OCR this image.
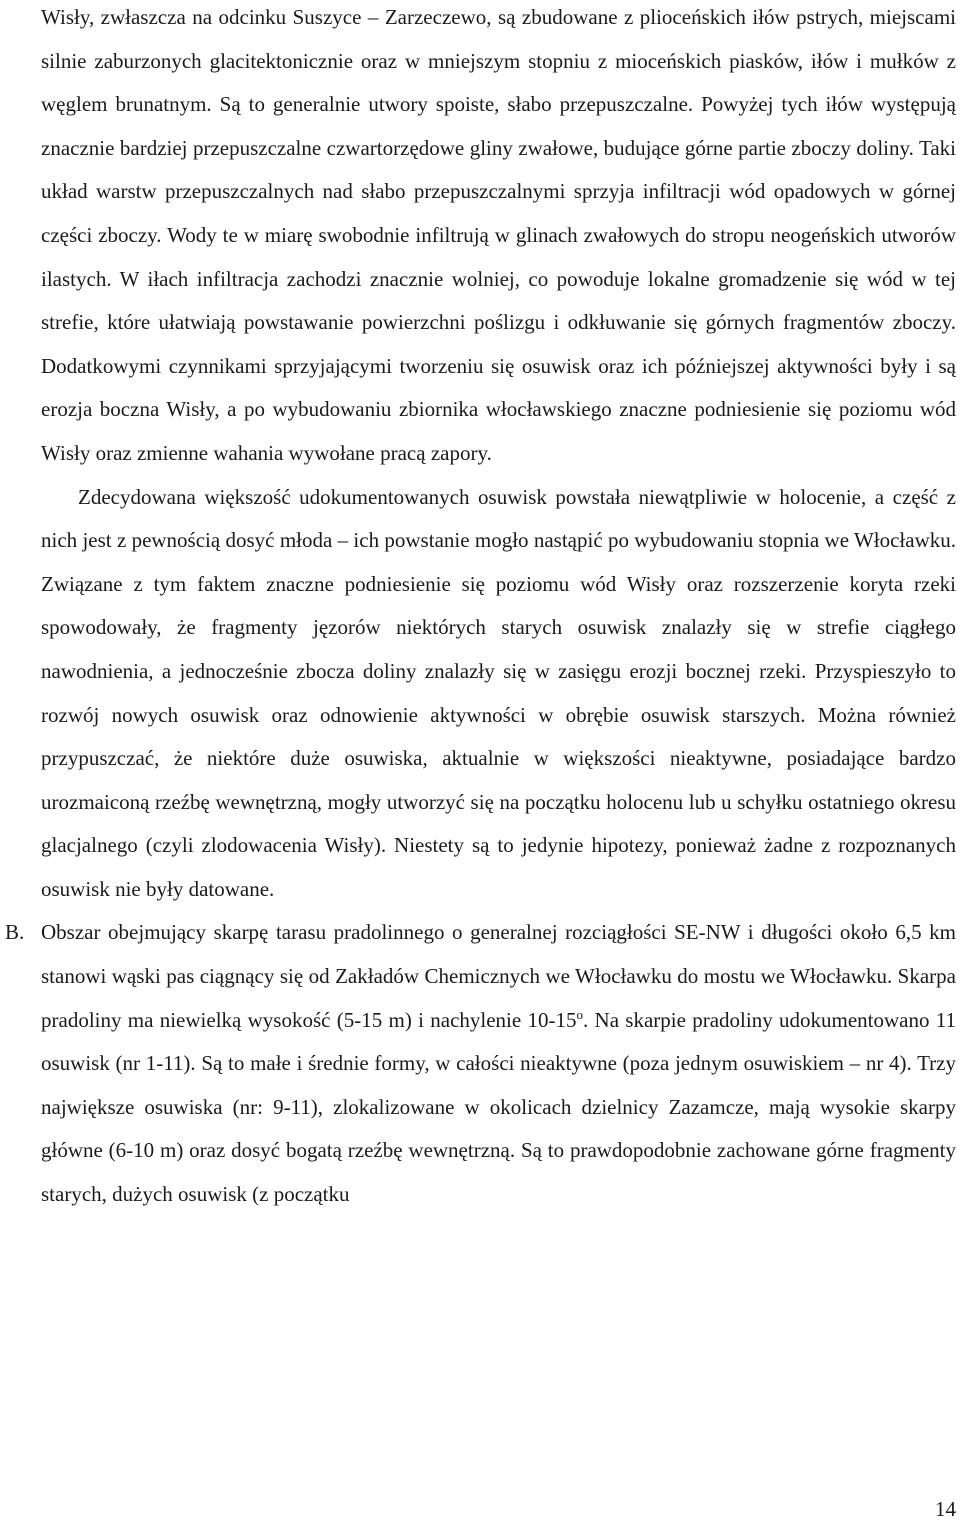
Wisły, zwłaszcza na odcinku Suszyce – Zarzeczewo, są zbudowane z plioceńskich iłów pstrych, miejscami silnie zaburzonych glacitektonicznie oraz w mniejszym stopniu z mioceńskich piasków, iłów i mułków z węglem brunatnym. Są to generalnie utwory spoiste, słabo przepuszczalne. Powyżej tych iłów występują znacznie bardziej przepuszczalne czwartorzędowe gliny zwałowe, budujące górne partie zboczy doliny. Taki układ warstw przepuszczalnych nad słabo przepuszczalnymi sprzyja infiltracji wód opadowych w górnej części zboczy. Wody te w miarę swobodnie infiltrują w glinach zwałowych do stropu neogeńskich utworów ilastych. W iłach infiltracja zachodzi znacznie wolniej, co powoduje lokalne gromadzenie się wód w tej strefie, które ułatwiają powstawanie powierzchni poślizgu i odkłuwanie się górnych fragmentów zboczy. Dodatkowymi czynnikami sprzyjającymi tworzeniu się osuwisk oraz ich późniejszej aktywności były i są erozja boczna Wisły, a po wybudowaniu zbiornika włocławskiego znaczne podniesienie się poziomu wód Wisły oraz zmienne wahania wywołane pracą zapory.

Zdecydowana większość udokumentowanych osuwisk powstała niewątpliwie w holocenie, a część z nich jest z pewnością dosyć młoda – ich powstanie mogło nastąpić po wybudowaniu stopnia we Włocławku. Związane z tym faktem znaczne podniesienie się poziomu wód Wisły oraz rozszerzenie koryta rzeki spowodowały, że fragmenty jęzorów niektórych starych osuwisk znalazły się w strefie ciągłego nawodnienia, a jednocześnie zbocza doliny znalazły się w zasięgu erozji bocznej rzeki. Przyspieszyło to rozwój nowych osuwisk oraz odnowienie aktywności w obrębie osuwisk starszych. Można również przypuszczać, że niektóre duże osuwiska, aktualnie w większości nieaktywne, posiadające bardzo urozmaiconą rzeźbę wewnętrzną, mogły utworzyć się na początku holocenu lub u schyłku ostatniego okresu glacjalnego (czyli zlodowacenia Wisły). Niestety są to jedynie hipotezy, ponieważ żadne z rozpoznanych osuwisk nie były datowane.

B. Obszar obejmujący skarpę tarasu pradolinnego o generalnej rozciągłości SE-NW i długości około 6,5 km stanowi wąski pas ciągnący się od Zakładów Chemicznych we Włocławku do mostu we Włocławku. Skarpa pradoliny ma niewielką wysokość (5-15 m) i nachylenie 10-15$^o$. Na skarpie pradoliny udokumentowano 11 osuwisk (nr 1-11). Są to małe i średnie formy, w całości nieaktywne (poza jednym osuwiskiem – nr 4). Trzy największe osuwiska (nr: 9-11), zlokalizowane w okolicach dzielnicy Zazamcze, mają wysokie skarpy główne (6-10 m) oraz dosyć bogatą rzeźbę wewnętrzną. Są to prawdopodobnie zachowane górne fragmenty starych, dużych osuwisk (z początku

14
